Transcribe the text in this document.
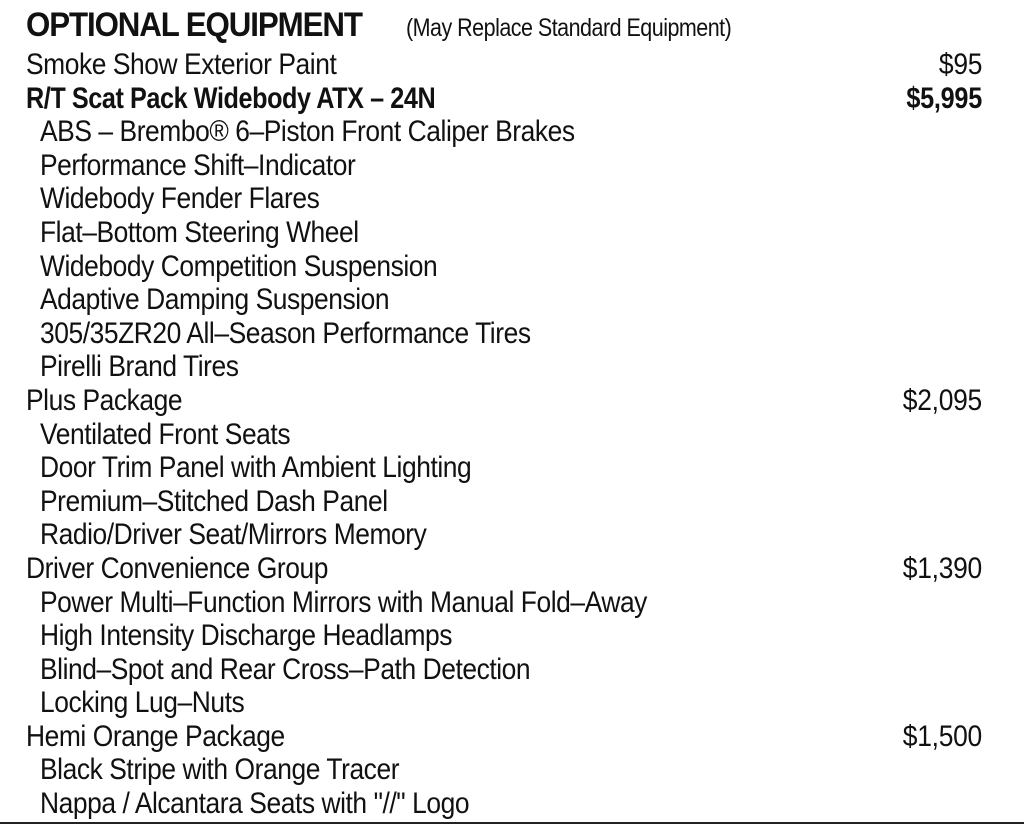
OPTIONAL EQUIPMENT	(May Replace Standard Equipment)
Smoke Show Exterior Paint	$95
R/T Scat Pack Widebody ATX – 24N	$5,995
ABS – Brembo® 6–Piston Front Caliper Brakes
Performance Shift–Indicator
Widebody Fender Flares
Flat–Bottom Steering Wheel
Widebody Competition Suspension
Adaptive Damping Suspension
305/35ZR20 All–Season Performance Tires
Pirelli Brand Tires
Plus Package	$2,095
Ventilated Front Seats
Door Trim Panel with Ambient Lighting
Premium–Stitched Dash Panel
Radio/Driver Seat/Mirrors Memory
Driver Convenience Group	$1,390
Power Multi–Function Mirrors with Manual Fold–Away
High Intensity Discharge Headlamps
Blind–Spot and Rear Cross–Path Detection
Locking Lug–Nuts
Hemi Orange Package	$1,500
Black Stripe with Orange Tracer
Nappa / Alcantara Seats with "//" Logo
